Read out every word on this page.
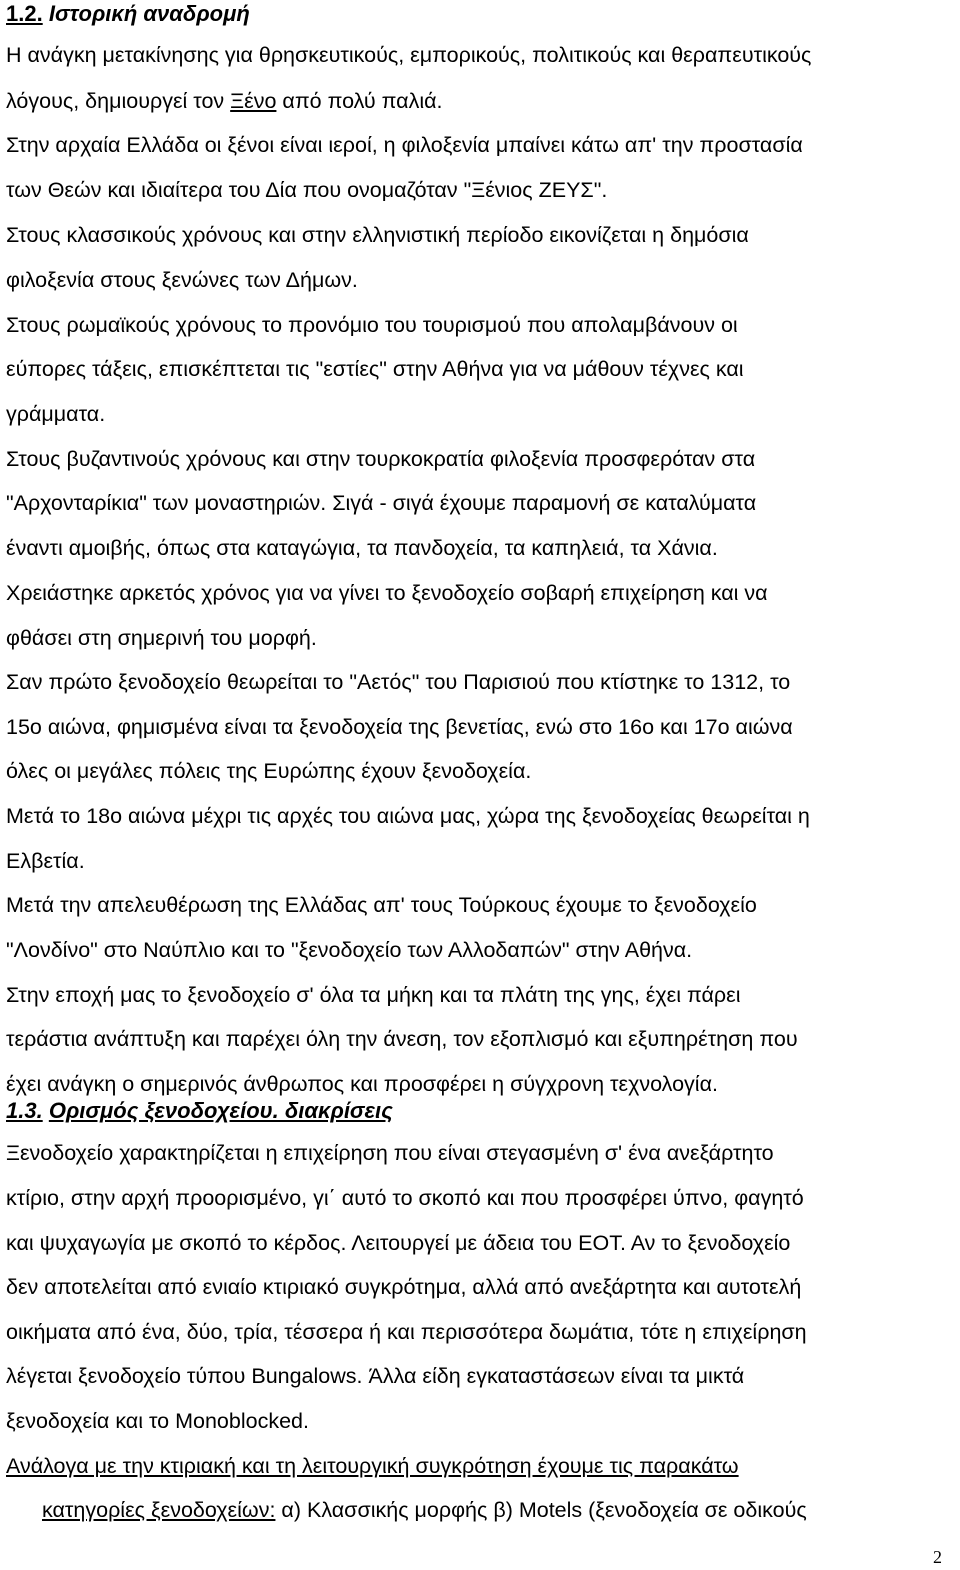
1.2. Ιστορική αναδρομή
Η ανάγκη μετακίνησης για θρησκευτικούς, εμπορικούς, πολιτικούς και θεραπευτικούς
λόγους, δημιουργεί τον Ξένο από πολύ παλιά.
Στην αρχαία Ελλάδα οι ξένοι είναι ιεροί, η φιλοξενία μπαίνει κάτω απ' την προστασία
των Θεών και ιδιαίτερα του Δία που ονομαζόταν "Ξένιος ΖΕΥΣ".
Στους κλασσικούς χρόνους και στην ελληνιστική περίοδο εικονίζεται η δημόσια
φιλοξενία στους ξενώνες των Δήμων.
Στους ρωμαϊκούς χρόνους το προνόμιο του τουρισμού που απολαμβάνουν οι
εύπορες τάξεις, επισκέπτεται τις "εστίες" στην Αθήνα για να μάθουν τέχνες και
γράμματα.
Στους βυζαντινούς χρόνους και στην τουρκοκρατία φιλοξενία προσφερόταν στα
"Αρχονταρίκια" των μοναστηριών. Σιγά - σιγά έχουμε παραμονή σε καταλύματα
έναντι αμοιβής, όπως στα καταγώγια, τα πανδοχεία, τα καπηλειά, τα Χάνια.
Χρειάστηκε αρκετός χρόνος για να γίνει το ξενοδοχείο σοβαρή επιχείρηση και να
φθάσει στη σημερινή του μορφή.
Σαν πρώτο ξενοδοχείο θεωρείται το "Αετός" του Παρισιού που κτίστηκε το 1312, το
15ο αιώνα, φημισμένα είναι τα ξενοδοχεία της βενετίας, ενώ στο 16ο και 17ο αιώνα
όλες οι μεγάλες πόλεις της Ευρώπης έχουν ξενοδοχεία.
Μετά το 18ο αιώνα μέχρι τις αρχές του αιώνα μας, χώρα της ξενοδοχείας θεωρείται η
Ελβετία.
Μετά την απελευθέρωση της Ελλάδας απ' τους Τούρκους έχουμε το ξενοδοχείο
"Λονδίνο" στο Ναύπλιο και το "ξενοδοχείο των Αλλοδαπών" στην Αθήνα.
Στην εποχή μας το ξενοδοχείο σ' όλα τα μήκη και τα πλάτη της γης, έχει πάρει
τεράστια ανάπτυξη και παρέχει όλη την άνεση, τον εξοπλισμό και εξυπηρέτηση που
έχει ανάγκη ο σημερινός άνθρωπος και προσφέρει η σύγχρονη τεχνολογία.
1.3. Ορισμός ξενοδοχείου. διακρίσεις
Ξενοδοχείο χαρακτηρίζεται η επιχείρηση που είναι στεγασμένη σ' ένα ανεξάρτητο
κτίριο, στην αρχή προορισμένο, γι΄ αυτό το σκοπό και που προσφέρει ύπνο, φαγητό
και ψυχαγωγία με σκοπό το κέρδος. Λειτουργεί με άδεια του ΕΟΤ. Αν το ξενοδοχείο
δεν αποτελείται από ενιαίο κτιριακό συγκρότημα, αλλά από ανεξάρτητα και αυτοτελή
οικήματα από ένα, δύο, τρία, τέσσερα ή και περισσότερα δωμάτια, τότε η επιχείρηση
λέγεται ξενοδοχείο τύπου Bungalows. Άλλα είδη εγκαταστάσεων είναι τα μικτά
ξενοδοχεία και το Monoblocked.
Ανάλογα με την κτιριακή και τη λειτουργική συγκρότηση έχουμε τις παρακάτω
κατηγορίες ξενοδοχείων: α) Κλασσικής μορφής β) Motels (ξενοδοχεία σε οδικούς
2
